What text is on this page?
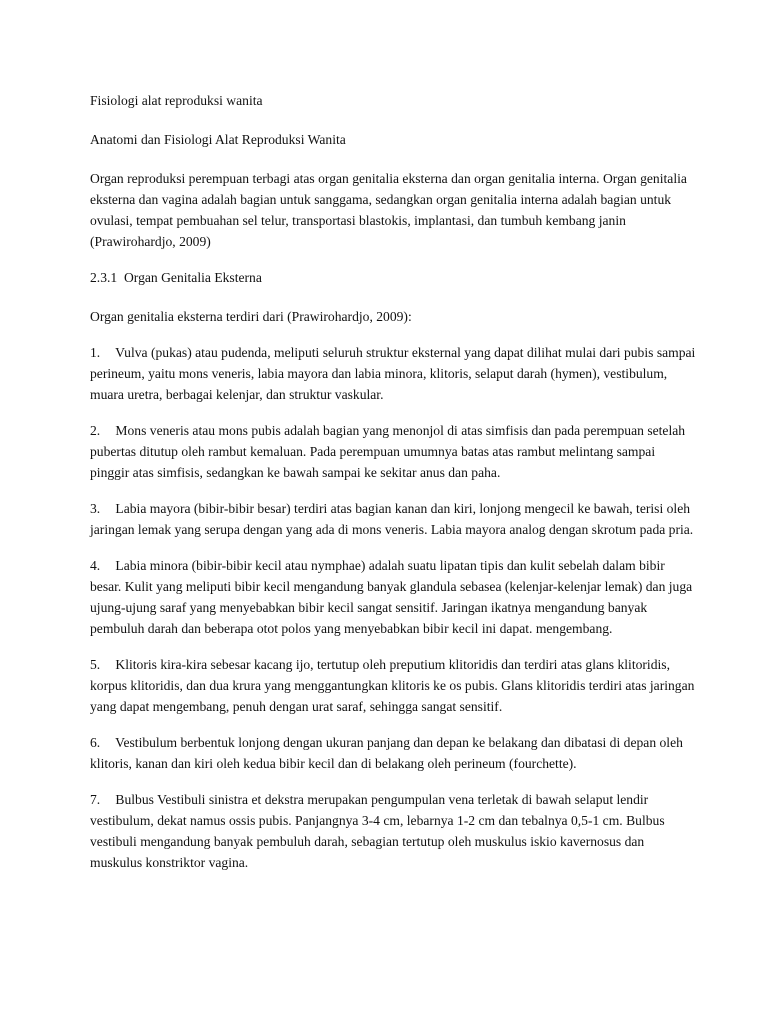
Fisiologi alat reproduksi wanita

Anatomi dan Fisiologi Alat Reproduksi Wanita

Organ reproduksi perempuan terbagi atas organ genitalia eksterna dan organ genitalia interna. Organ genitalia eksterna dan vagina adalah bagian untuk sanggama, sedangkan organ genitalia interna adalah bagian untuk ovulasi, tempat pembuahan sel telur, transportasi blastokis, implantasi, dan tumbuh kembang janin (Prawirohardjo, 2009)

2.3.1 Organ Genitalia Eksterna

Organ genitalia eksterna terdiri dari (Prawirohardjo, 2009):

1. Vulva (pukas) atau pudenda, meliputi seluruh struktur eksternal yang dapat dilihat mulai dari pubis sampai perineum, yaitu mons veneris, labia mayora dan labia minora, klitoris, selaput darah (hymen), vestibulum, muara uretra, berbagai kelenjar, dan struktur vaskular.

2. Mons veneris atau mons pubis adalah bagian yang menonjol di atas simfisis dan pada perempuan setelah pubertas ditutup oleh rambut kemaluan. Pada perempuan umumnya batas atas rambut melintang sampai pinggir atas simfisis, sedangkan ke bawah sampai ke sekitar anus dan paha.

3. Labia mayora (bibir-bibir besar) terdiri atas bagian kanan dan kiri, lonjong mengecil ke bawah, terisi oleh jaringan lemak yang serupa dengan yang ada di mons veneris. Labia mayora analog dengan skrotum pada pria.

4. Labia minora (bibir-bibir kecil atau nymphae) adalah suatu lipatan tipis dan kulit sebelah dalam bibir besar. Kulit yang meliputi bibir kecil mengandung banyak glandula sebasea (kelenjar-kelenjar lemak) dan juga ujung-ujung saraf yang menyebabkan bibir kecil sangat sensitif. Jaringan ikatnya mengandung banyak pembuluh darah dan beberapa otot polos yang menyebabkan bibir kecil ini dapat. mengembang.

5. Klitoris kira-kira sebesar kacang ijo, tertutup oleh preputium klitoridis dan terdiri atas glans klitoridis, korpus klitoridis, dan dua krura yang menggantungkan klitoris ke os pubis. Glans klitoridis terdiri atas jaringan yang dapat mengembang, penuh dengan urat saraf, sehingga sangat sensitif.

6. Vestibulum berbentuk lonjong dengan ukuran panjang dan depan ke belakang dan dibatasi di depan oleh klitoris, kanan dan kiri oleh kedua bibir kecil dan di belakang oleh perineum (fourchette).

7. Bulbus Vestibuli sinistra et dekstra merupakan pengumpulan vena terletak di bawah selaput lendir vestibulum, dekat namus ossis pubis. Panjangnya 3-4 cm, lebarnya 1-2 cm dan tebalnya 0,5-1 cm. Bulbus vestibuli mengandung banyak pembuluh darah, sebagian tertutup oleh muskulus iskio kavernosus dan muskulus konstriktor vagina.
